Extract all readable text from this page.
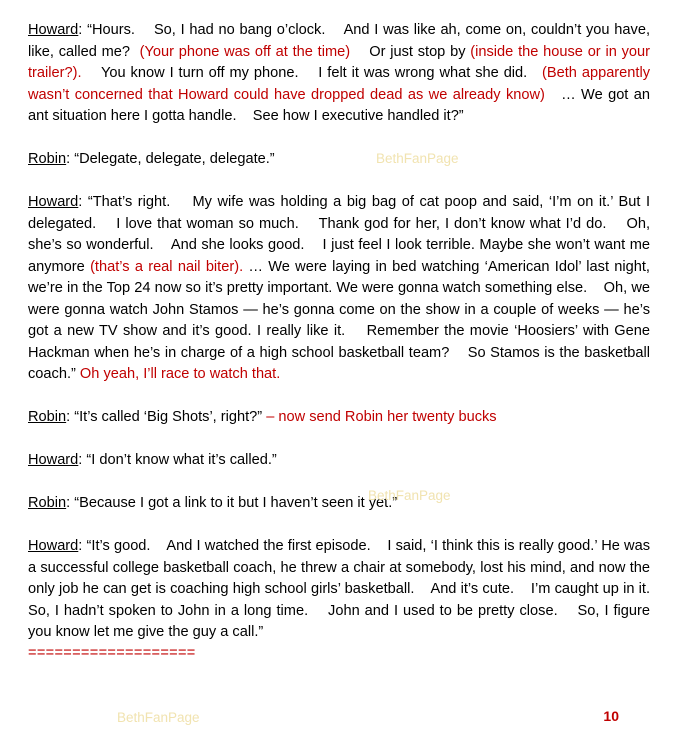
Howard: “Hours.    So, I had no bang o’clock.    And I was like ah, come on, couldn’t you have, like, called me?  (Your phone was off at the time)    Or just stop by (inside the house or in your trailer?).    You know I turn off my phone.    I felt it was wrong what she did.   (Beth apparently wasn’t concerned that Howard could have dropped dead as we already know)   … We got an ant situation here I gotta handle.    See how I executive handled it?”

Robin: “Delegate, delegate, delegate.”

Howard: “That’s right.    My wife was holding a big bag of cat poop and said, ‘I’m on it.’ But I delegated.    I love that woman so much.    Thank god for her, I don’t know what I’d do.    Oh, she’s so wonderful.    And she looks good.    I just feel I look terrible. Maybe she won’t want me anymore (that’s a real nail biter). … We were laying in bed watching ‘American Idol’ last night, we’re in the Top 24 now so it’s pretty important. We were gonna watch something else.    Oh, we were gonna watch John Stamos — he’s gonna come on the show in a couple of weeks — he’s got a new TV show and it’s good. I really like it.    Remember the movie ‘Hoosiers’ with Gene Hackman when he’s in charge of a high school basketball team?    So Stamos is the basketball coach.” Oh yeah, I’ll race to watch that.

Robin: “It’s called ‘Big Shots’, right?” – now send Robin her twenty bucks

Howard: “I don’t know what it’s called.”

Robin: “Because I got a link to it but I haven’t seen it yet.”

Howard: “It’s good.    And I watched the first episode.    I said, ‘I think this is really good.’ He was a successful college basketball coach, he threw a chair at somebody, lost his mind, and now the only job he can get is coaching high school girls’ basketball.    And it’s cute.    I’m caught up in it.    So, I hadn’t spoken to John in a long time.    John and I used to be pretty close.    So, I figure you know let me give the guy a call.”

===================
BethFanPage
BethFanPage
BethFanPage	10
